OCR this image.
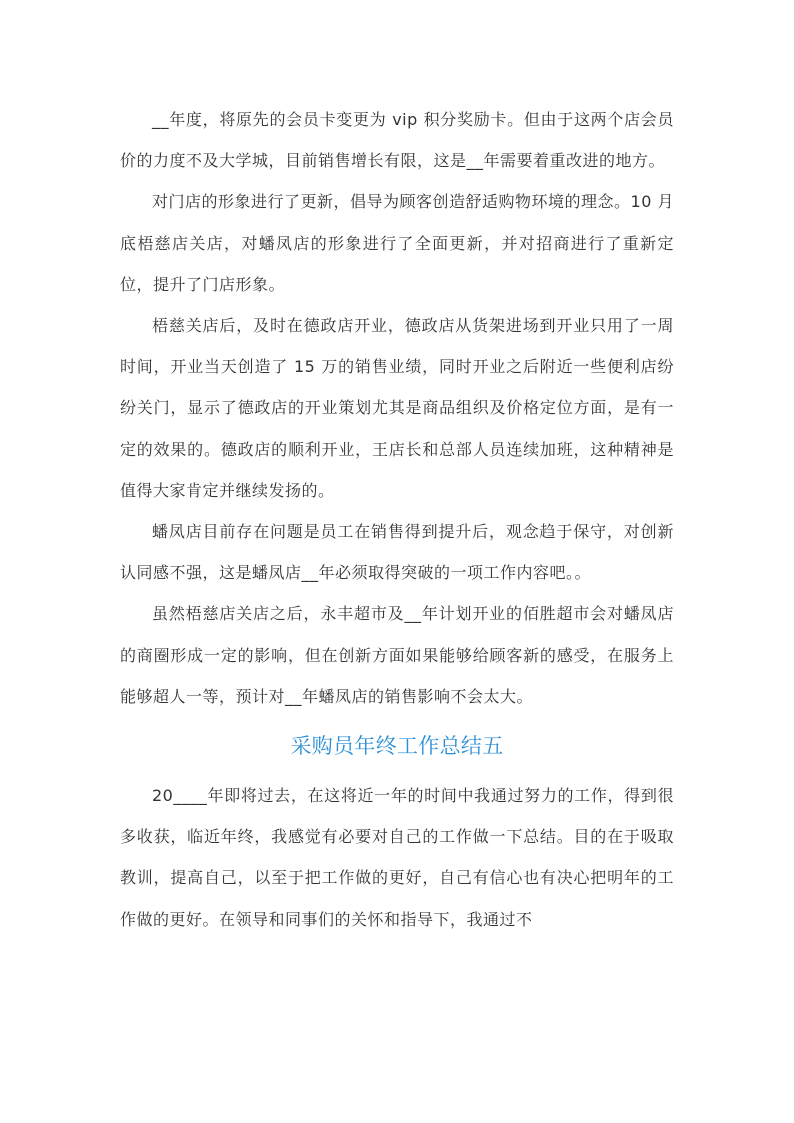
__年度，将原先的会员卡变更为 vip 积分奖励卡。但由于这两个店会员价的力度不及大学城，目前销售增长有限，这是__年需要着重改进的地方。

对门店的形象进行了更新，倡导为顾客创造舒适购物环境的理念。10 月底梧慈店关店，对蟠凤店的形象进行了全面更新，并对招商进行了重新定位，提升了门店形象。

梧慈关店后，及时在德政店开业，德政店从货架进场到开业只用了一周时间，开业当天创造了 15 万的销售业绩，同时开业之后附近一些便利店纷纷关门，显示了德政店的开业策划尤其是商品组织及价格定位方面，是有一定的效果的。德政店的顺利开业，王店长和总部人员连续加班，这种精神是值得大家肯定并继续发扬的。

蟠凤店目前存在问题是员工在销售得到提升后，观念趋于保守，对创新认同感不强，这是蟠凤店__年必须取得突破的一项工作内容吧。。

虽然梧慈店关店之后，永丰超市及__年计划开业的佰胜超市会对蟠凤店的商圈形成一定的影响，但在创新方面如果能够给顾客新的感受，在服务上能够超人一等，预计对__年蟠凤店的销售影响不会太大。

采购员年终工作总结五

20____年即将过去，在这将近一年的时间中我通过努力的工作，得到很多收获，临近年终，我感觉有必要对自己的工作做一下总结。目的在于吸取教训，提高自己，以至于把工作做的更好，自己有信心也有决心把明年的工作做的更好。在领导和同事们的关怀和指导下，我通过不
